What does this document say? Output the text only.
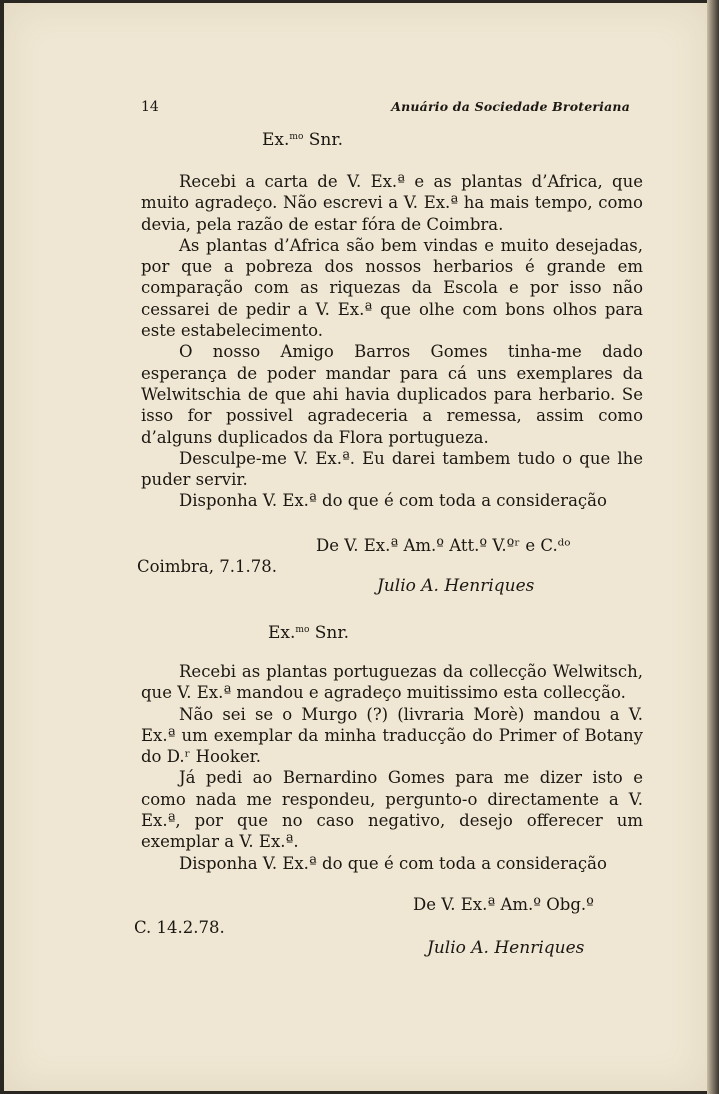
14	Anuário da Sociedade Broteriana
Ex.$^{mo}$ Snr.

Recebi a carta de V. Ex.ª e as plantas d’Africa, que muito agradeço. Não escrevi a V. Ex.ª ha mais tempo, como devia, pela razão de estar fóra de Coimbra.

As plantas d’Africa são bem vindas e muito desejadas, por que a pobreza dos nossos herbarios é grande em comparação com as riquezas da Escola e por isso não cessarei de pedir a V. Ex.ª que olhe com bons olhos para este estabelecimento.

O nosso Amigo Barros Gomes tinha-me dado esperança de poder mandar para cá uns exemplares da Welwitschia de que ahi havia duplicados para herbario. Se isso for possivel agradeceria a remessa, assim como d’alguns duplicados da Flora portugueza.

Desculpe-me V. Ex.ª. Eu darei tambem tudo o que lhe puder servir.

Disponha V. Ex.ª do que é com toda a consideração

De V. Ex.ª Am.º Att.º V.ºʳ e C.ᵈᵒ
Coimbra, 7.1.78.
Julio A. Henriques
Ex.$^{mo}$ Snr.

Recebi as plantas portuguezas da collecção Welwitsch, que V. Ex.ª mandou e agradeço muitissimo esta collecção.

Não sei se o Murgo (?) (livraria Morè) mandou a V. Ex.ª um exemplar da minha traducção do Primer of Botany do D.ʳ Hooker.

Já pedi ao Bernardino Gomes para me dizer isto e como nada me respondeu, pergunto-o directamente a V. Ex.ª, por que no caso negativo, desejo offerecer um exemplar a V. Ex.ª.

Disponha V. Ex.ª do que é com toda a consideração

De V. Ex.ª Am.º Obg.º
C. 14.2.78.
Julio A. Henriques
